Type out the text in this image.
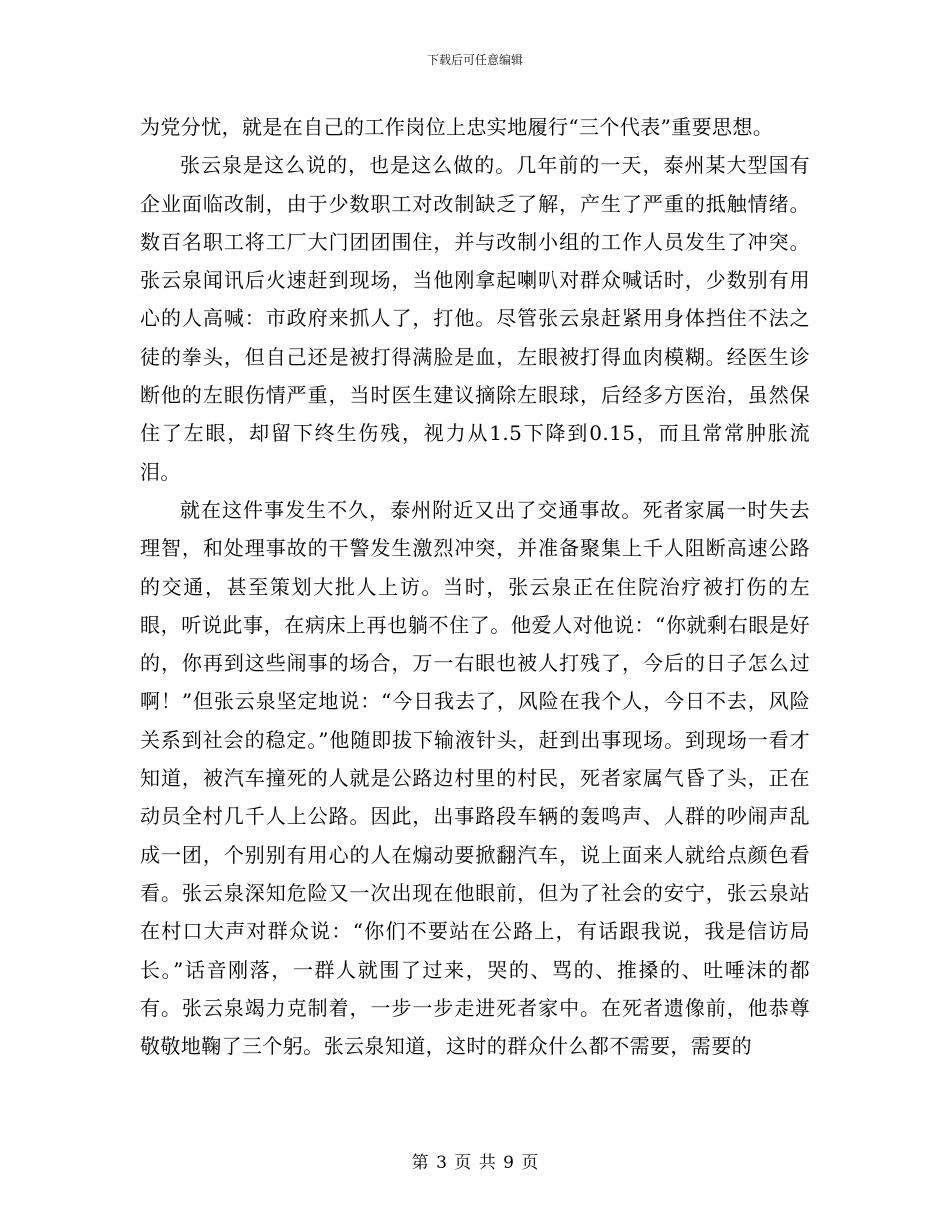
下载后可任意编辑

为党分忧，就是在自己的工作岗位上忠实地履行“三个代表”重要思想。

张云泉是这么说的，也是这么做的。几年前的一天，泰州某大型国有企业面临改制，由于少数职工对改制缺乏了解，产生了严重的抵触情绪。数百名职工将工厂大门团团围住，并与改制小组的工作人员发生了冲突。张云泉闻讯后火速赶到现场，当他刚拿起喇叭对群众喊话时，少数别有用心的人高喊：市政府来抓人了，打他。尽管张云泉赶紧用身体挡住不法之徒的拳头，但自己还是被打得满脸是血，左眼被打得血肉模糊。经医生诊断他的左眼伤情严重，当时医生建议摘除左眼球，后经多方医治，虽然保住了左眼，却留下终生伤残，视力从1.5下降到0.15，而且常常肿胀流泪。

就在这件事发生不久，泰州附近又出了交通事故。死者家属一时失去理智，和处理事故的干警发生激烈冲突，并准备聚集上千人阻断高速公路的交通，甚至策划大批人上访。当时，张云泉正在住院治疗被打伤的左眼，听说此事，在病床上再也躺不住了。他爱人对他说：“你就剩右眼是好的，你再到这些闹事的场合，万一右眼也被人打残了，今后的日子怎么过啊！”但张云泉坚定地说：“今日我去了，风险在我个人，今日不去，风险关系到社会的稳定。”他随即拔下输液针头，赶到出事现场。到现场一看才知道，被汽车撞死的人就是公路边村里的村民，死者家属气昏了头，正在动员全村几千人上公路。因此，出事路段车辆的轰鸣声、人群的吵闹声乱成一团，个别别有用心的人在煽动要掀翻汽车，说上面来人就给点颜色看看。张云泉深知危险又一次出现在他眼前，但为了社会的安宁，张云泉站在村口大声对群众说：“你们不要站在公路上，有话跟我说，我是信访局长。”话音刚落，一群人就围了过来，哭的、骂的、推搡的、吐唾沫的都有。张云泉竭力克制着，一步一步走进死者家中。在死者遗像前，他恭尊敬敬地鞠了三个躬。张云泉知道，这时的群众什么都不需要，需要的

第 3 页 共 9 页
